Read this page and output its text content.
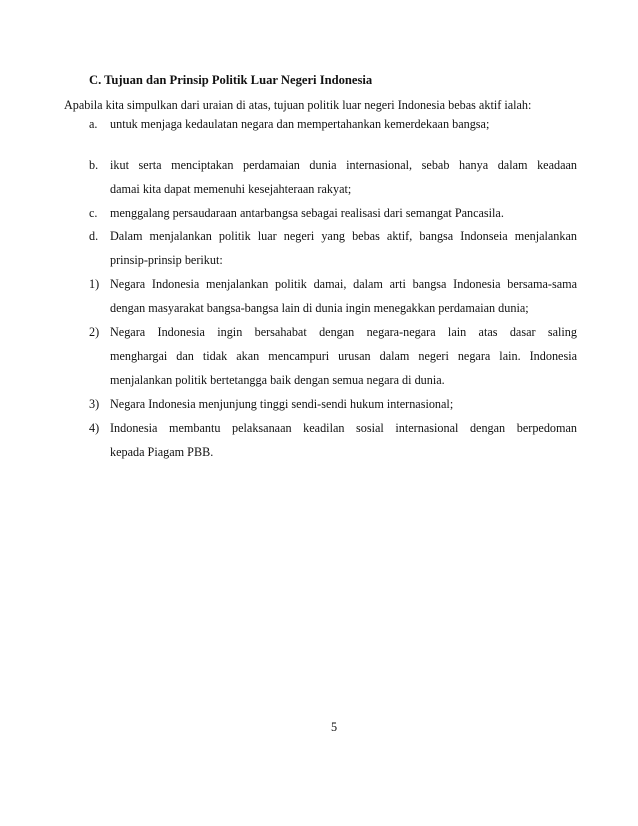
C. Tujuan dan Prinsip Politik Luar Negeri Indonesia
Apabila kita simpulkan dari uraian di atas, tujuan politik luar negeri Indonesia bebas aktif ialah:
a. untuk menjaga kedaulatan negara dan mempertahankan kemerdekaan bangsa;
b. ikut serta menciptakan perdamaian dunia internasional, sebab hanya dalam keadaan
damai kita dapat memenuhi kesejahteraan rakyat;
c. menggalang persaudaraan antarbangsa sebagai realisasi dari semangat Pancasila.
d. Dalam menjalankan politik luar negeri yang bebas aktif, bangsa Indonseia menjalankan
prinsip-prinsip berikut:
1) Negara Indonesia menjalankan politik damai, dalam arti bangsa Indonesia bersama-sama
dengan masyarakat bangsa-bangsa lain di dunia ingin menegakkan perdamaian dunia;
2) Negara Indonesia ingin bersahabat dengan negara-negara lain atas dasar saling
menghargai dan tidak akan mencampuri urusan dalam negeri negara lain. Indonesia
menjalankan politik bertetangga baik dengan semua negara di dunia.
3) Negara Indonesia menjunjung tinggi sendi-sendi hukum internasional;
4) Indonesia membantu pelaksanaan keadilan sosial internasional dengan berpedoman
kepada Piagam PBB.
5
